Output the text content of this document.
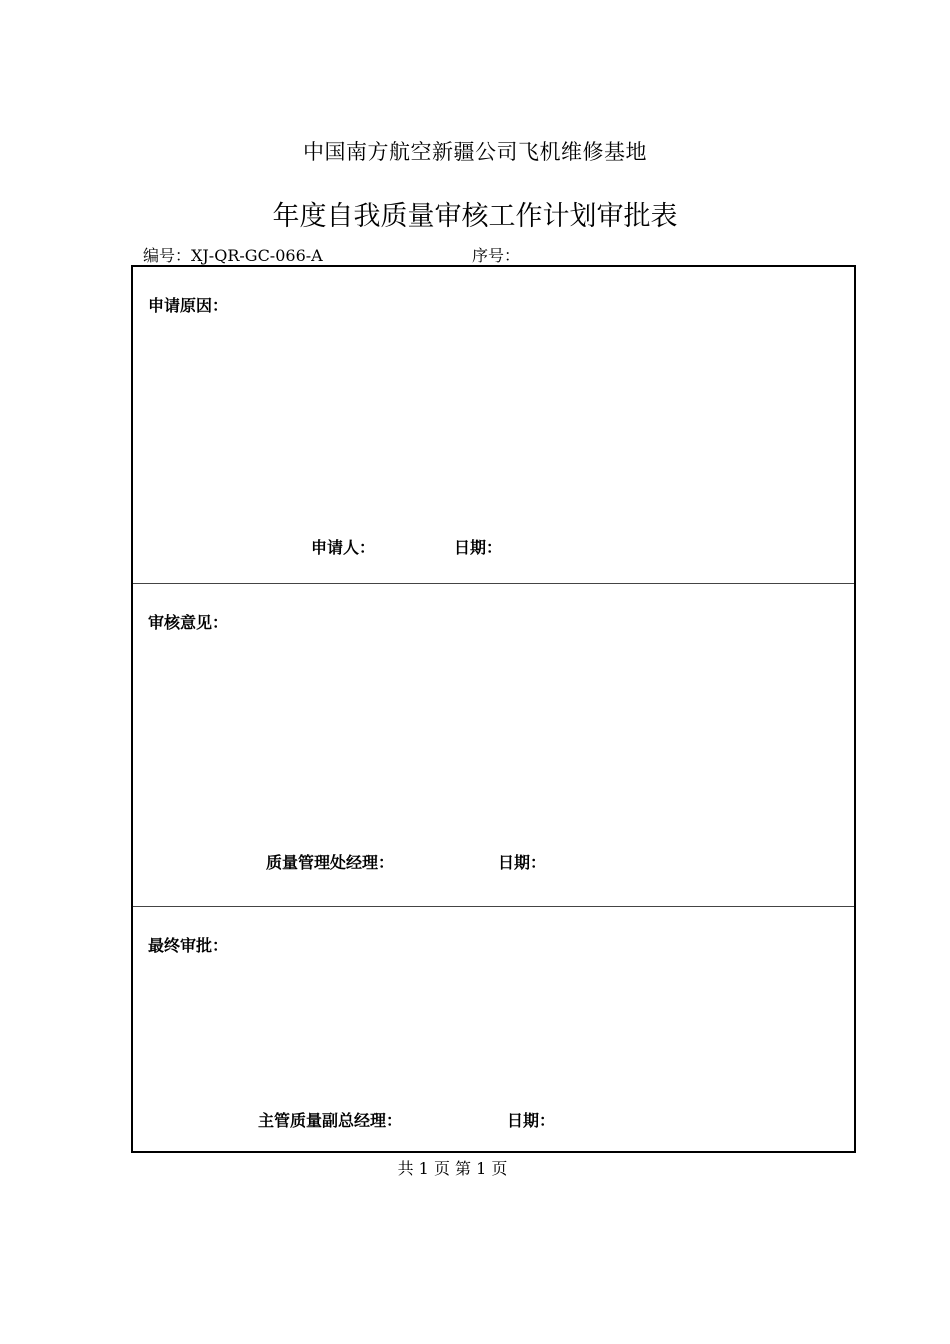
中国南方航空新疆公司飞机维修基地
年度自我质量审核工作计划审批表
编号：XJ-QR-GC-066-A	序号：
申请原因：
申请人：	日期：
审核意见：
质量管理处经理：	日期：
最终审批：
主管质量副总经理：	日期：
共 1 页 第 1 页
